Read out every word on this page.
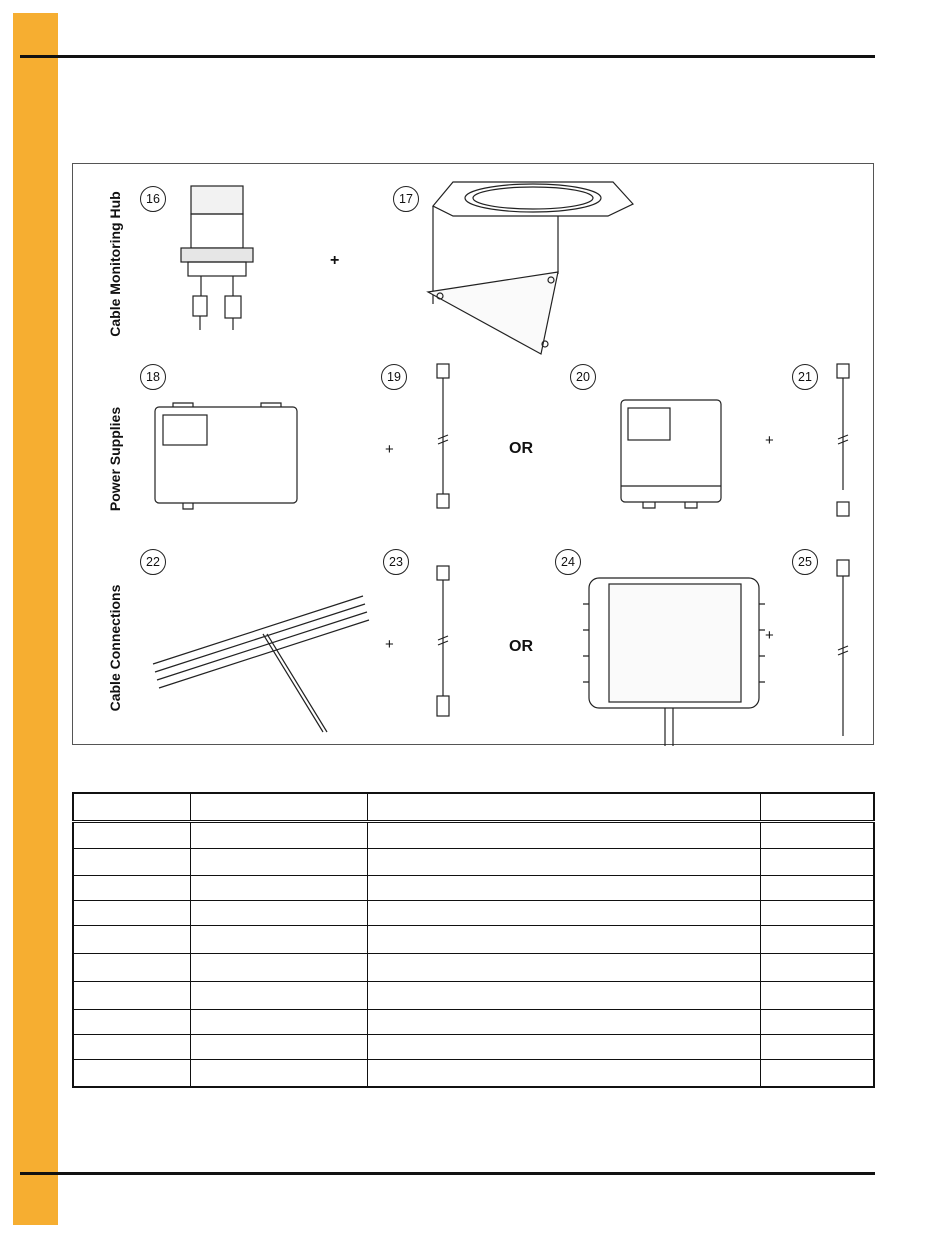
Cable Monitoring Hub
Power Supplies
Cable Connections
16	17
18	19	20	21
22	23	24	25
+
+	OR	+
+	OR
+
